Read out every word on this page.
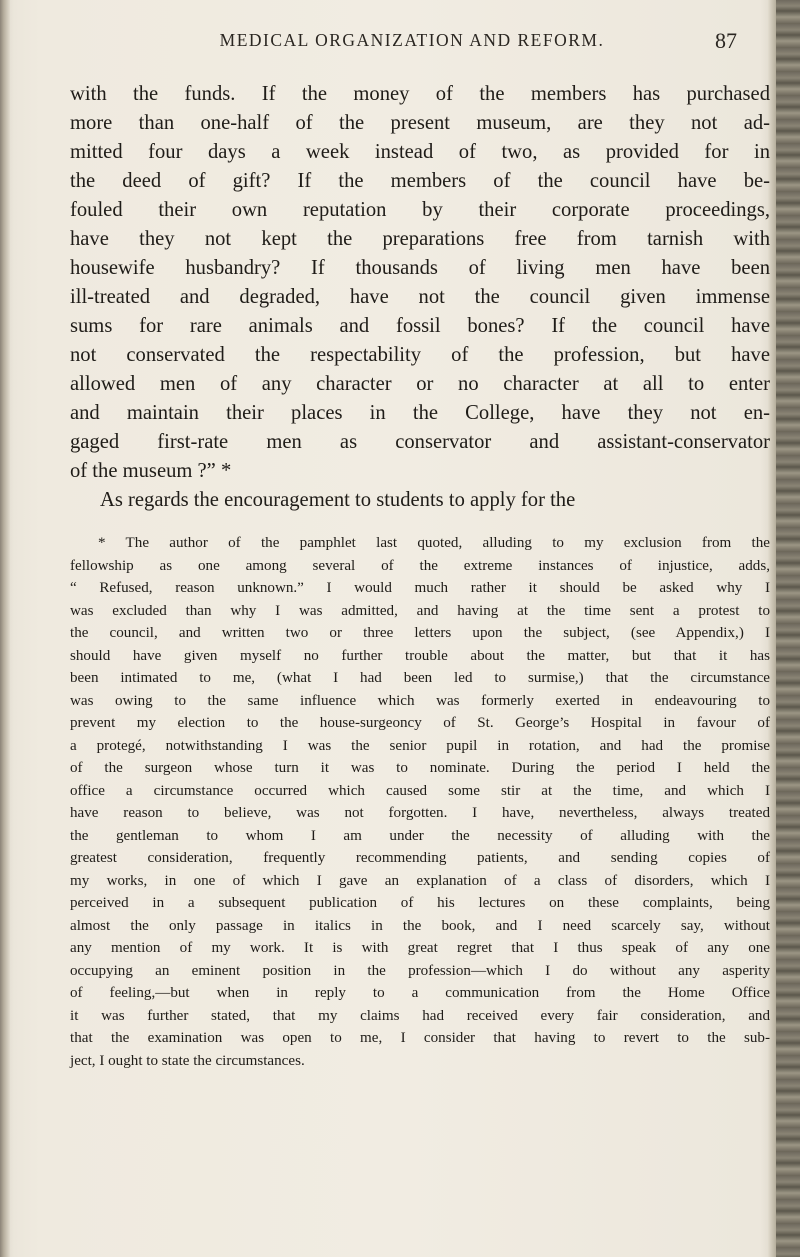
MEDICAL ORGANIZATION AND REFORM.	87
with the funds. If the money of the members has purchased
more than one-half of the present museum, are they not ad-
mitted four days a week instead of two, as provided for in
the deed of gift? If the members of the council have be-
fouled their own reputation by their corporate proceedings,
have they not kept the preparations free from tarnish with
housewife husbandry? If thousands of living men have been
ill-treated and degraded, have not the council given immense
sums for rare animals and fossil bones? If the council have
not conservated the respectability of the profession, but have
allowed men of any character or no character at all to enter
and maintain their places in the College, have they not en-
gaged first-rate men as conservator and assistant-conservator
of the museum ?” *
As regards the encouragement to students to apply for the
* The author of the pamphlet last quoted, alluding to my exclusion from the
fellowship as one among several of the extreme instances of injustice, adds,
“ Refused, reason unknown.” I would much rather it should be asked why I
was excluded than why I was admitted, and having at the time sent a protest to
the council, and written two or three letters upon the subject, (see Appendix,) I
should have given myself no further trouble about the matter, but that it has
been intimated to me, (what I had been led to surmise,) that the circumstance
was owing to the same influence which was formerly exerted in endeavouring to
prevent my election to the house-surgeoncy of St. George’s Hospital in favour of
a protegé, notwithstanding I was the senior pupil in rotation, and had the promise
of the surgeon whose turn it was to nominate. During the period I held the
office a circumstance occurred which caused some stir at the time, and which I
have reason to believe, was not forgotten. I have, nevertheless, always treated
the gentleman to whom I am under the necessity of alluding with the
greatest consideration, frequently recommending patients, and sending copies of
my works, in one of which I gave an explanation of a class of disorders, which I
perceived in a subsequent publication of his lectures on these complaints, being
almost the only passage in italics in the book, and I need scarcely say, without
any mention of my work. It is with great regret that I thus speak of any one
occupying an eminent position in the profession—which I do without any asperity
of feeling,—but when in reply to a communication from the Home Office
it was further stated, that my claims had received every fair consideration, and
that the examination was open to me, I consider that having to revert to the sub-
ject, I ought to state the circumstances.
